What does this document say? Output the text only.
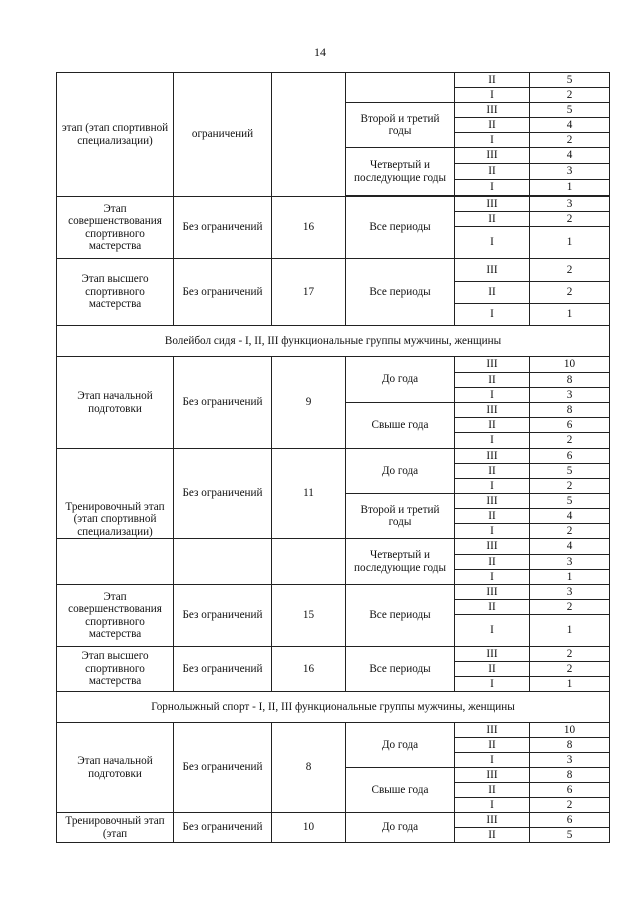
14
этап (этап спортивной специализации)	ограничений			II	5
				I	2
			Второй и третий годы	III	5
				II	4
				I	2
			Четвертый и последующие годы	III	4
				II	3
				I	1

Этап совершенствования спортивного мастерства	Без ограничений	16	Все периоды	III	3
				II	2
				I	1
Этап высшего спортивного мастерства	Без ограничений	17	Все периоды	III	2
				II	2
				I	1
Волейбол сидя - I, II, III функциональные группы мужчины, женщины					
Этап начальной подготовки	Без ограничений	9	До года	III	10
				II	8
				I	3
			Свыше года	III	8
				II	6
				I	2
Тренировочный этап (этап спортивной специализации)	Без ограничений	11	До года	III	6
				II	5
				I	2
			Второй и третий годы	III	5
				II	4
				I	2
			Четвертый и последующие годы	III	4
				II	3
				I	1
Этап совершенствования спортивного мастерства	Без ограничений	15	Все периоды	III	3
				II	2
				I	1
Этап высшего спортивного мастерства	Без ограничений	16	Все периоды	III	2
				II	2
				I	1
Горнолыжный спорт - I, II, III функциональные группы мужчины, женщины					
Этап начальной подготовки	Без ограничений	8	До года	III	10
				II	8
				I	3
			Свыше года	III	8
				II	6
				I	2
Тренировочный этап (этап	Без ограничений	10	До года	III	6
				II	5
